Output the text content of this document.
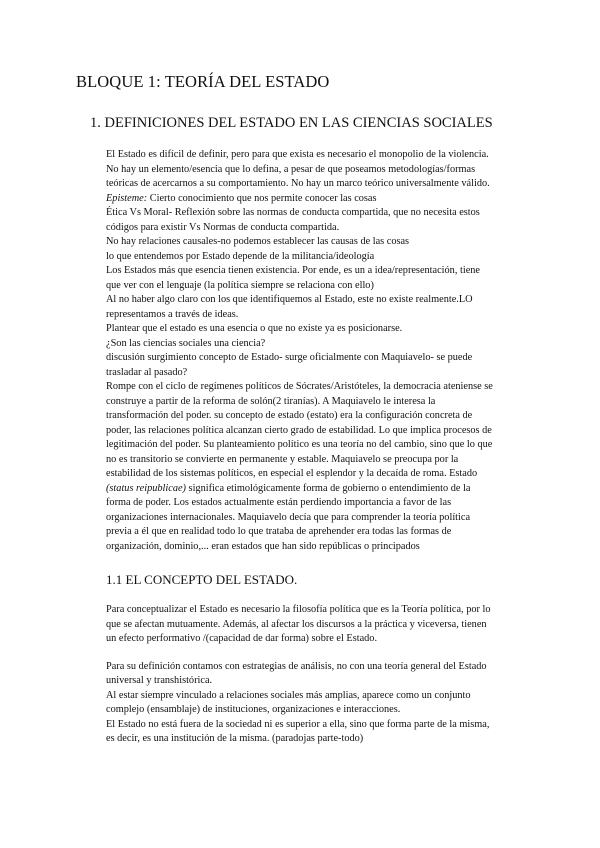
BLOQUE 1: TEORÍA DEL ESTADO
1. DEFINICIONES DEL ESTADO EN LAS CIENCIAS SOCIALES
El Estado es difícil de definir, pero para que exista es necesario el monopolio de la violencia.
No hay un elemento/esencia que lo defina, a pesar de que poseamos metodologías/formas
teóricas de acercarnos a su comportamiento. No hay un marco teórico universalmente válido.
Episteme: Cierto conocimiento que nos permite conocer las cosas
Ética Vs Moral- Reflexión sobre las normas de conducta compartida, que no necesita estos
códigos para existir Vs Normas de conducta compartida.
No hay relaciones causales-no podemos establecer las causas de las cosas
lo que entendemos por Estado depende de la militancia/ideología
Los Estados más que esencia tienen existencia. Por ende, es un a idea/representación, tiene
que ver con el lenguaje (la política siempre se relaciona con ello)
Al no haber algo claro con los que identifiquemos al Estado, este no existe realmente.LO
representamos a través de ideas.
Plantear que el estado es una esencia o que no existe ya es posicionarse.
¿Son las ciencias sociales una ciencia?
discusión surgimiento concepto de Estado- surge oficialmente con Maquiavelo- se puede
trasladar al pasado?
Rompe con el ciclo de regímenes políticos de Sócrates/Aristóteles, la democracia ateniense se
construye a partir de la reforma de solón(2 tiranías). A Maquiavelo le interesa la
transformación del poder. su concepto de estado (estato) era la configuración concreta de
poder, las relaciones política alcanzan cierto grado de estabilidad. Lo que implica procesos de
legitimación del poder. Su planteamiento político es una teoría no del cambio, sino que lo que
no es transitorio se convierte en permanente y estable. Maquiavelo se preocupa por la
estabilidad de los sistemas políticos, en especial el esplendor y la decaída de roma. Estado
(status reipublicae) significa etimológicamente forma de gobierno o entendimiento de la
forma de poder. Los estados actualmente están perdiendo importancia a favor de las
organizaciones internacionales. Maquiavelo decía que para comprender la teoría política
previa a él que en realidad todo lo que trataba de aprehender era todas las formas de
organización, dominio,... eran estados que han sido repúblicas o principados
1.1 EL CONCEPTO DEL ESTADO.
Para conceptualizar el Estado es necesario la filosofía política que es la Teoría política, por lo
que se afectan mutuamente. Además, al afectar los discursos a la práctica y viceversa, tienen
un efecto performativo /(capacidad de dar forma) sobre el Estado.
Para su definición contamos con estrategias de análisis, no con una teoría general del Estado
universal y transhistórica.
Al estar siempre vinculado a relaciones sociales más amplias, aparece como un conjunto
complejo (ensamblaje) de instituciones, organizaciones e interacciones.
El Estado no está fuera de la sociedad ni es superior a ella, sino que forma parte de la misma,
es decir, es una institución de la misma. (paradojas parte-todo)
